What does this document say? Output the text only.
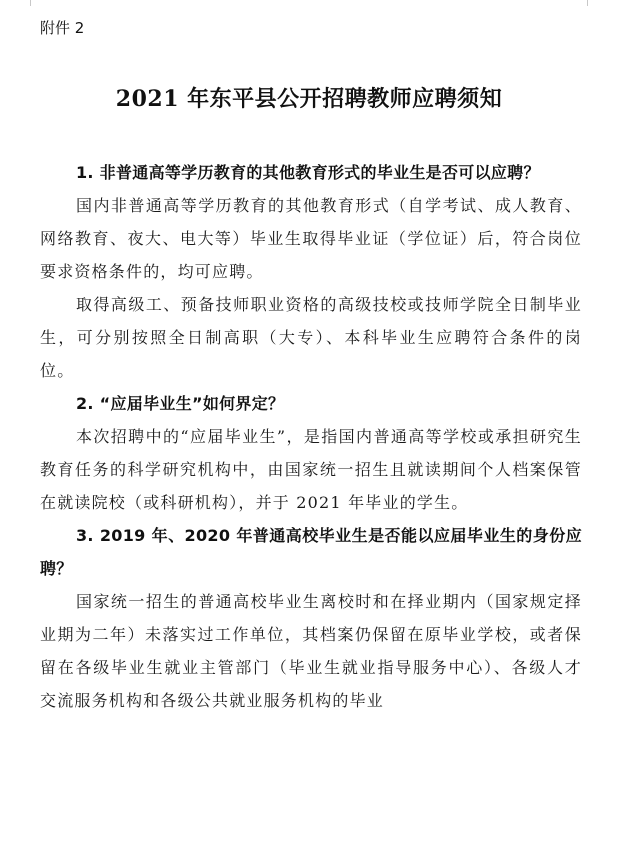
附件 2
2021 年东平县公开招聘教师应聘须知

1. 非普通高等学历教育的其他教育形式的毕业生是否可以应聘？

国内非普通高等学历教育的其他教育形式（自学考试、成人教育、网络教育、夜大、电大等）毕业生取得毕业证（学位证）后，符合岗位要求资格条件的，均可应聘。

取得高级工、预备技师职业资格的高级技校或技师学院全日制毕业生，可分别按照全日制高职（大专）、本科毕业生应聘符合条件的岗位。

2. “应届毕业生”如何界定？

本次招聘中的“应届毕业生”，是指国内普通高等学校或承担研究生教育任务的科学研究机构中，由国家统一招生且就读期间个人档案保管在就读院校（或科研机构），并于 2021 年毕业的学生。

3. 2019 年、2020 年普通高校毕业生是否能以应届毕业生的身份应聘？

国家统一招生的普通高校毕业生离校时和在择业期内（国家规定择业期为二年）未落实过工作单位，其档案仍保留在原毕业学校，或者保留在各级毕业生就业主管部门（毕业生就业指导服务中心）、各级人才交流服务机构和各级公共就业服务机构的毕业
